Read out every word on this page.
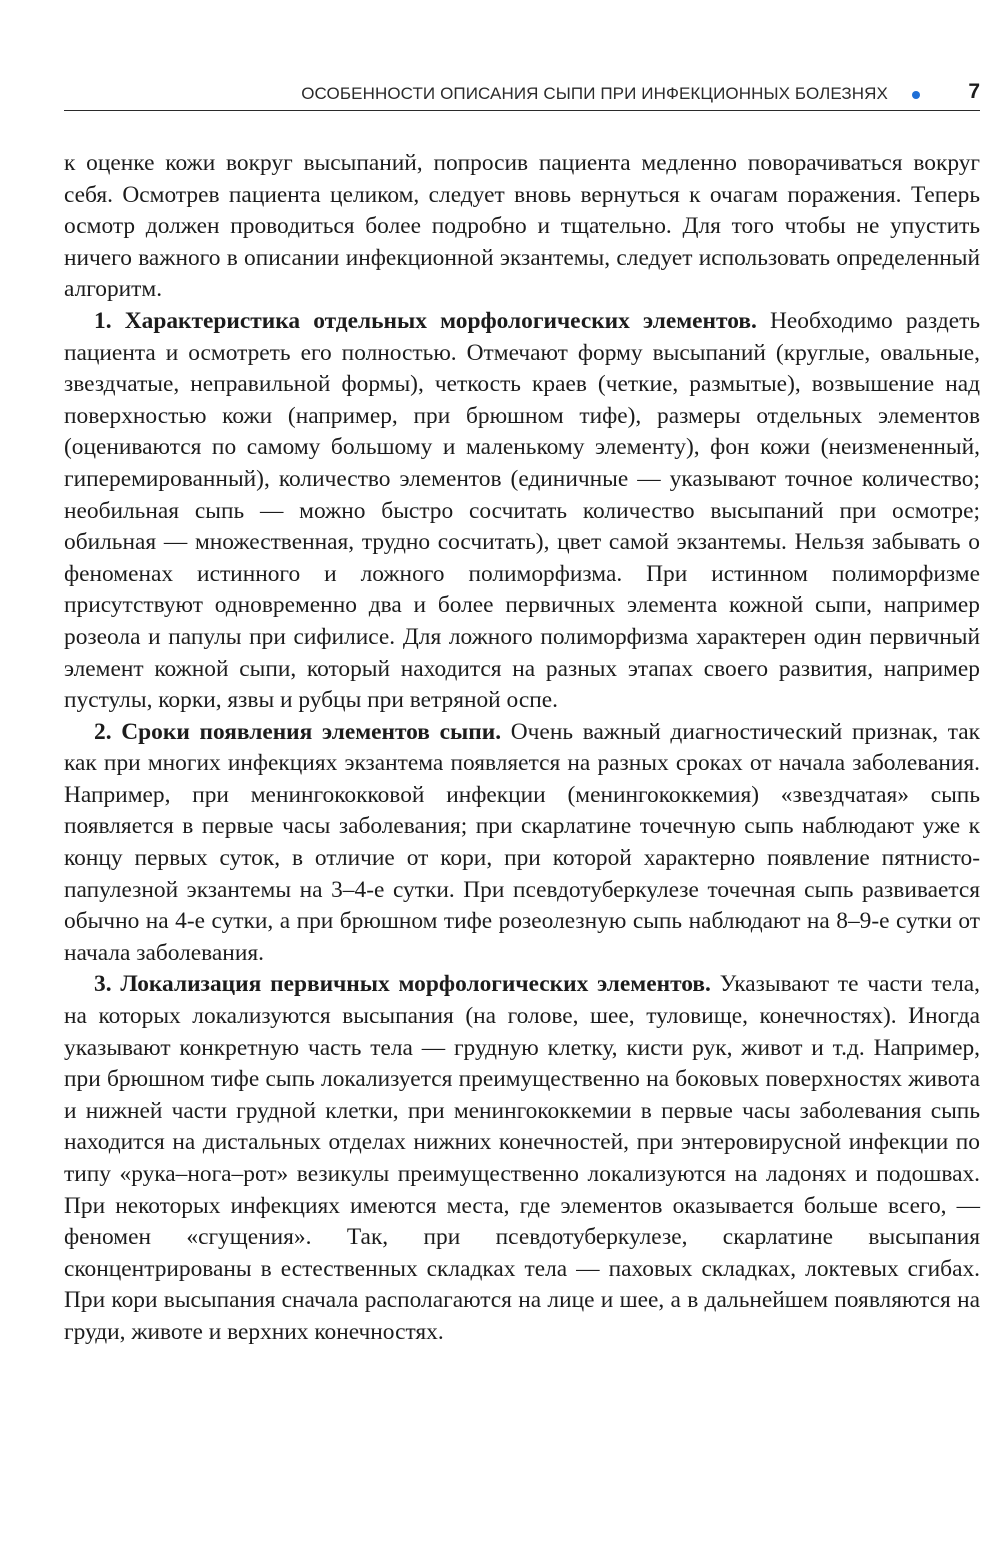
ОСОБЕННОСТИ ОПИСАНИЯ СЫПИ ПРИ ИНФЕКЦИОННЫХ БОЛЕЗНЯХ	7

к оценке кожи вокруг высыпаний, попросив пациента медленно поворачиваться вокруг себя. Осмотрев пациента целиком, следует вновь вернуться к очагам поражения. Теперь осмотр должен проводиться более подробно и тщательно. Для того чтобы не упустить ничего важного в описании инфекционной экзантемы, следует использовать определенный алгоритм.

1. Характеристика отдельных морфологических элементов. Необходимо раздеть пациента и осмотреть его полностью. Отмечают форму высыпаний (круглые, овальные, звездчатые, неправильной формы), четкость краев (четкие, размытые), возвышение над поверхностью кожи (например, при брюшном тифе), размеры отдельных элементов (оцениваются по самому большому и маленькому элементу), фон кожи (неизмененный, гиперемированный), количество элементов (единичные — указывают точное количество; необильная сыпь — можно быстро сосчитать количество высыпаний при осмотре; обильная — множественная, трудно сосчитать), цвет самой экзантемы. Нельзя забывать о феноменах истинного и ложного полиморфизма. При истинном полиморфизме присутствуют одновременно два и более первичных элемента кожной сыпи, например розеола и папулы при сифилисе. Для ложного полиморфизма характерен один первичный элемент кожной сыпи, который находится на разных этапах своего развития, например пустулы, корки, язвы и рубцы при ветряной оспе.

2. Сроки появления элементов сыпи. Очень важный диагностический признак, так как при многих инфекциях экзантема появляется на разных сроках от начала заболевания. Например, при менингококковой инфекции (менингококкемия) «звездчатая» сыпь появляется в первые часы заболевания; при скарлатине точечную сыпь наблюдают уже к концу первых суток, в отличие от кори, при которой характерно появление пятнисто-папулезной экзантемы на 3–4-е сутки. При псевдотуберкулезе точечная сыпь развивается обычно на 4-е сутки, а при брюшном тифе розеолезную сыпь наблюдают на 8–9-е сутки от начала заболевания.

3. Локализация первичных морфологических элементов. Указывают те части тела, на которых локализуются высыпания (на голове, шее, туловище, конечностях). Иногда указывают конкретную часть тела — грудную клетку, кисти рук, живот и т.д. Например, при брюшном тифе сыпь локализуется преимущественно на боковых поверхностях живота и нижней части грудной клетки, при менингококкемии в первые часы заболевания сыпь находится на дистальных отделах нижних конечностей, при энтеровирусной инфекции по типу «рука–нога–рот» везикулы преимущественно локализуются на ладонях и подошвах. При некоторых инфекциях имеются места, где элементов оказывается больше всего, — феномен «сгущения». Так, при псевдотуберкулезе, скарлатине высыпания сконцентрированы в естественных складках тела — паховых складках, локтевых сгибах. При кори высыпания сначала располагаются на лице и шее, а в дальнейшем появляются на груди, животе и верхних конечностях.
